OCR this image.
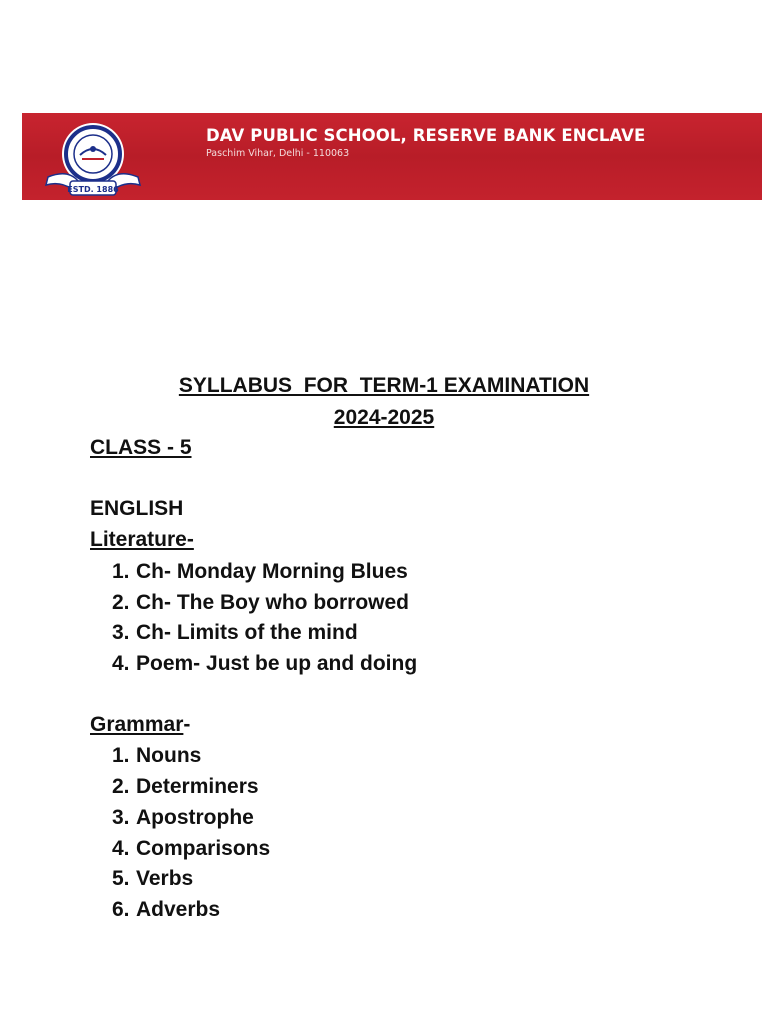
ESTD. 1886
DAV PUBLIC SCHOOL, RESERVE BANK ENCLAVE
Paschim Vihar, Delhi - 110063
SYLLABUS  FOR  TERM-1 EXAMINATION
2024-2025
CLASS - 5
ENGLISH
Literature-
1. Ch- Monday Morning Blues
2. Ch- The Boy who borrowed
3. Ch- Limits of the mind
4. Poem- Just be up and doing
Grammar-
1. Nouns
2. Determiners
3. Apostrophe
4. Comparisons
5. Verbs
6. Adverbs
